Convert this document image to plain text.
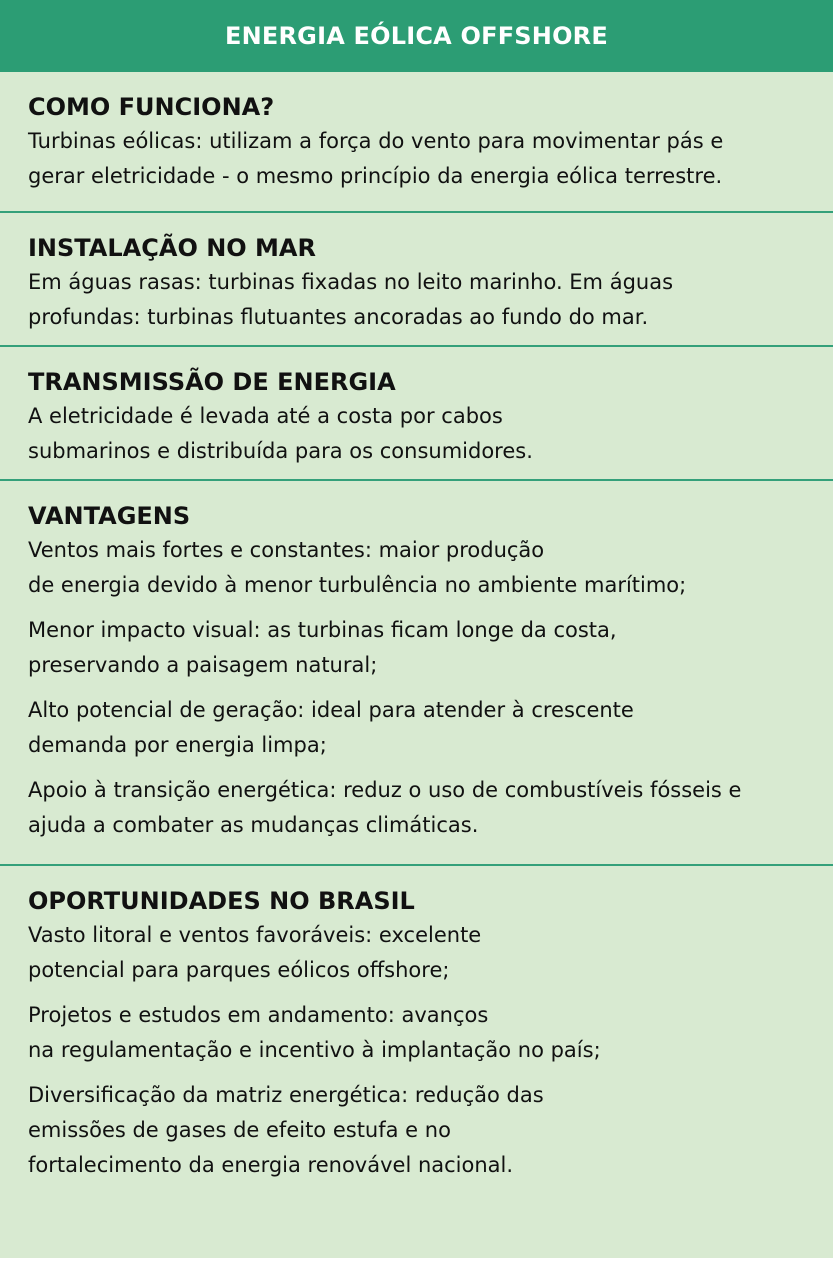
ENERGIA EÓLICA OFFSHORE
COMO FUNCIONA?
Turbinas eólicas: utilizam a força do vento para movimentar pás e
gerar eletricidade - o mesmo princípio da energia eólica terrestre.
INSTALAÇÃO NO MAR
Em águas rasas: turbinas fixadas no leito marinho. Em águas
profundas: turbinas flutuantes ancoradas ao fundo do mar.
TRANSMISSÃO DE ENERGIA
A eletricidade é levada até a costa por cabos
submarinos e distribuída para os consumidores.
VANTAGENS
Ventos mais fortes e constantes: maior produção
de energia devido à menor turbulência no ambiente marítimo;
Menor impacto visual: as turbinas ficam longe da costa,
preservando a paisagem natural;
Alto potencial de geração: ideal para atender à crescente
demanda por energia limpa;
Apoio à transição energética: reduz o uso de combustíveis fósseis e
ajuda a combater as mudanças climáticas.
OPORTUNIDADES NO BRASIL
Vasto litoral e ventos favoráveis: excelente
potencial para parques eólicos offshore;
Projetos e estudos em andamento: avanços
na regulamentação e incentivo à implantação no país;
Diversificação da matriz energética: redução das
emissões de gases de efeito estufa e no
fortalecimento da energia renovável nacional.
